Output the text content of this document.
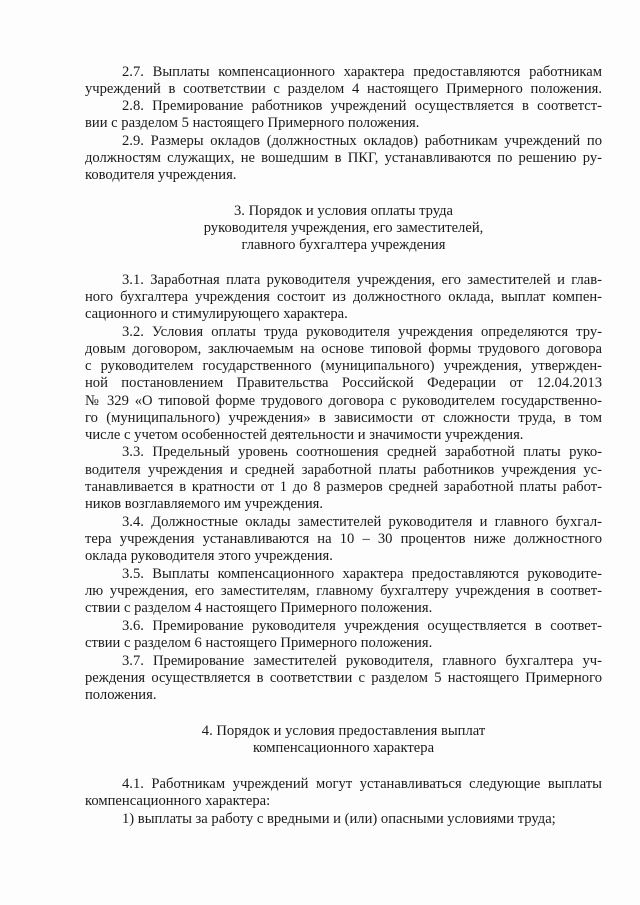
2.7. Выплаты компенсационного характера предоставляются работникам
учреждений в соответствии с разделом 4 настоящего Примерного положения.
2.8. Премирование работников учреждений осуществляется в соответст-
вии с разделом 5 настоящего Примерного положения.
2.9. Размеры окладов (должностных окладов) работникам учреждений по
должностям служащих, не вошедшим в ПКГ, устанавливаются по решению ру-
ководителя учреждения.
3. Порядок и условия оплаты труда
руководителя учреждения, его заместителей,
главного бухгалтера учреждения
3.1. Заработная плата руководителя учреждения, его заместителей и глав-
ного бухгалтера учреждения состоит из должностного оклада, выплат компен-
сационного и стимулирующего характера.
3.2. Условия оплаты труда руководителя учреждения определяются тру-
довым договором, заключаемым на основе типовой формы трудового договора
с руководителем государственного (муниципального) учреждения, утвержден-
ной постановлением Правительства Российской Федерации от 12.04.2013
№ 329 «О типовой форме трудового договора с руководителем государственно-
го (муниципального) учреждения» в зависимости от сложности труда, в том
числе с учетом особенностей деятельности и значимости учреждения.
3.3. Предельный уровень соотношения средней заработной платы руко-
водителя учреждения и средней заработной платы работников учреждения ус-
танавливается в кратности от 1 до 8 размеров средней заработной платы работ-
ников возглавляемого им учреждения.
3.4. Должностные оклады заместителей руководителя и главного бухгал-
тера учреждения устанавливаются на 10 – 30 процентов ниже должностного
оклада руководителя этого учреждения.
3.5. Выплаты компенсационного характера предоставляются руководите-
лю учреждения, его заместителям, главному бухгалтеру учреждения в соответ-
ствии с разделом 4 настоящего Примерного положения.
3.6. Премирование руководителя учреждения осуществляется в соответ-
ствии с разделом 6 настоящего Примерного положения.
3.7. Премирование заместителей руководителя, главного бухгалтера уч-
реждения осуществляется в соответствии с разделом 5 настоящего Примерного
положения.
4. Порядок и условия предоставления выплат
компенсационного характера
4.1. Работникам учреждений могут устанавливаться следующие выплаты
компенсационного характера:
1) выплаты за работу с вредными и (или) опасными условиями труда;
